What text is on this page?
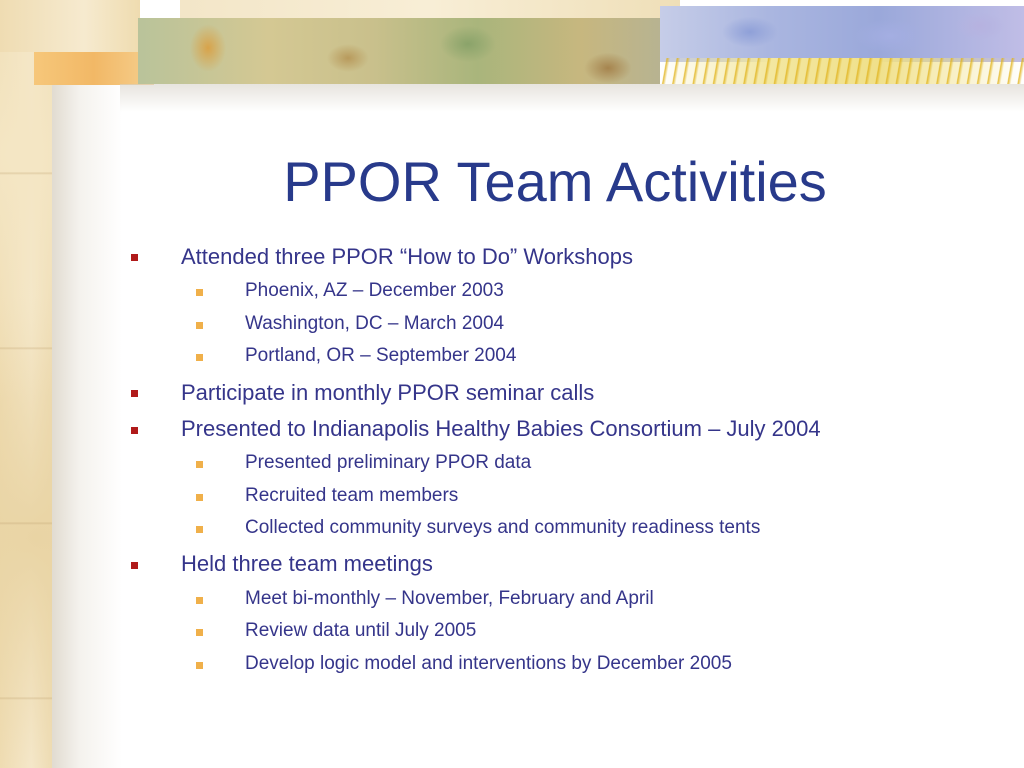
PPOR Team Activities
Attended three PPOR “How to Do” Workshops
Phoenix, AZ – December 2003
Washington, DC – March 2004
Portland, OR – September 2004
Participate in monthly PPOR seminar calls
Presented to Indianapolis Healthy Babies Consortium – July 2004
Presented preliminary PPOR data
Recruited team members
Collected community surveys and community readiness tents
Held three team meetings
Meet bi-monthly – November, February and April
Review data until July 2005
Develop logic model and interventions by December 2005
